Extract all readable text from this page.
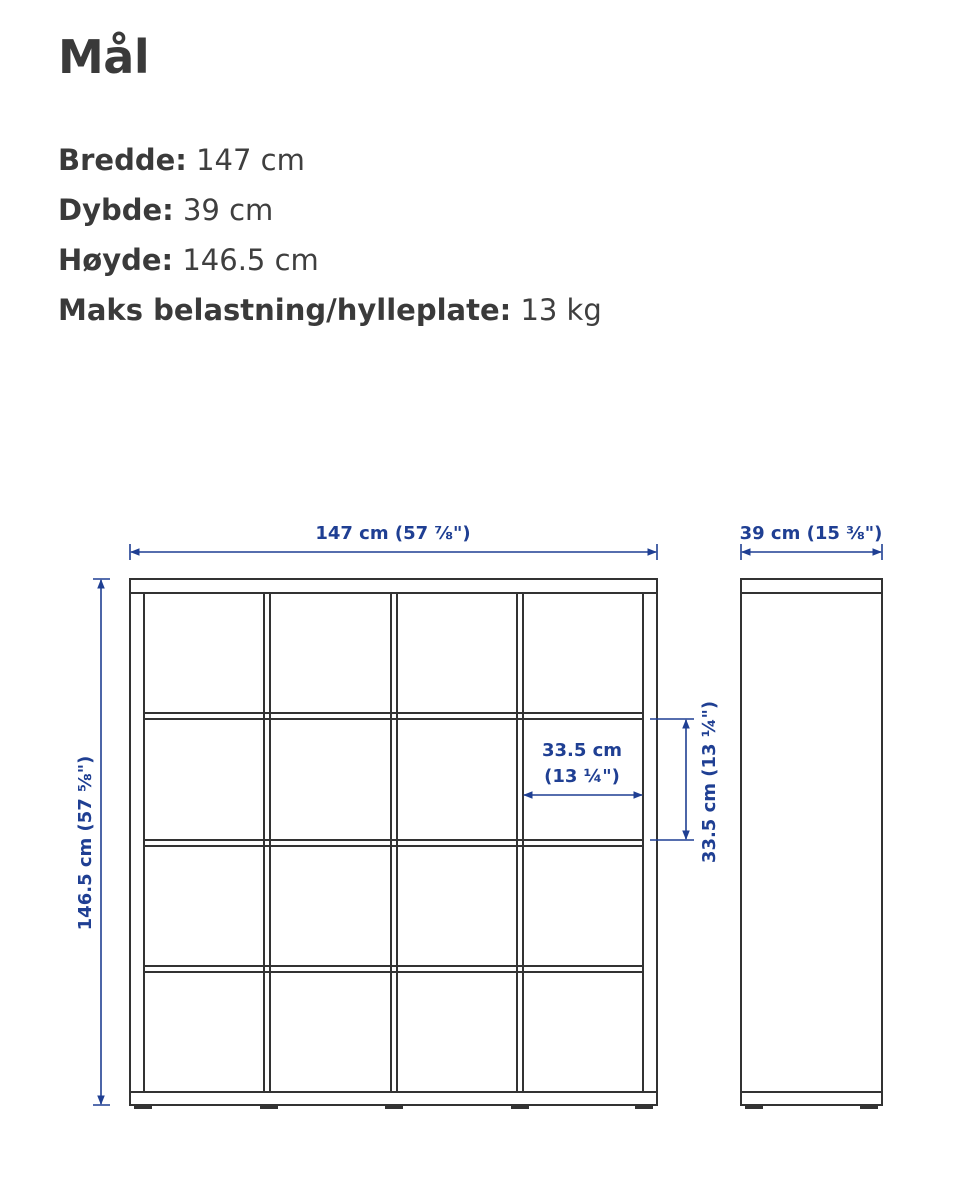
Mål
Bredde: 147 cm
Dybde: 39 cm
Høyde: 146.5 cm
Maks belastning/hylleplate: 13 kg
147 cm (57 ⅞")	39 cm (15 ⅜")
146.5 cm (57 ⅝")
33.5 cm
(13 ¼")	33.5 cm (13 ¼")
